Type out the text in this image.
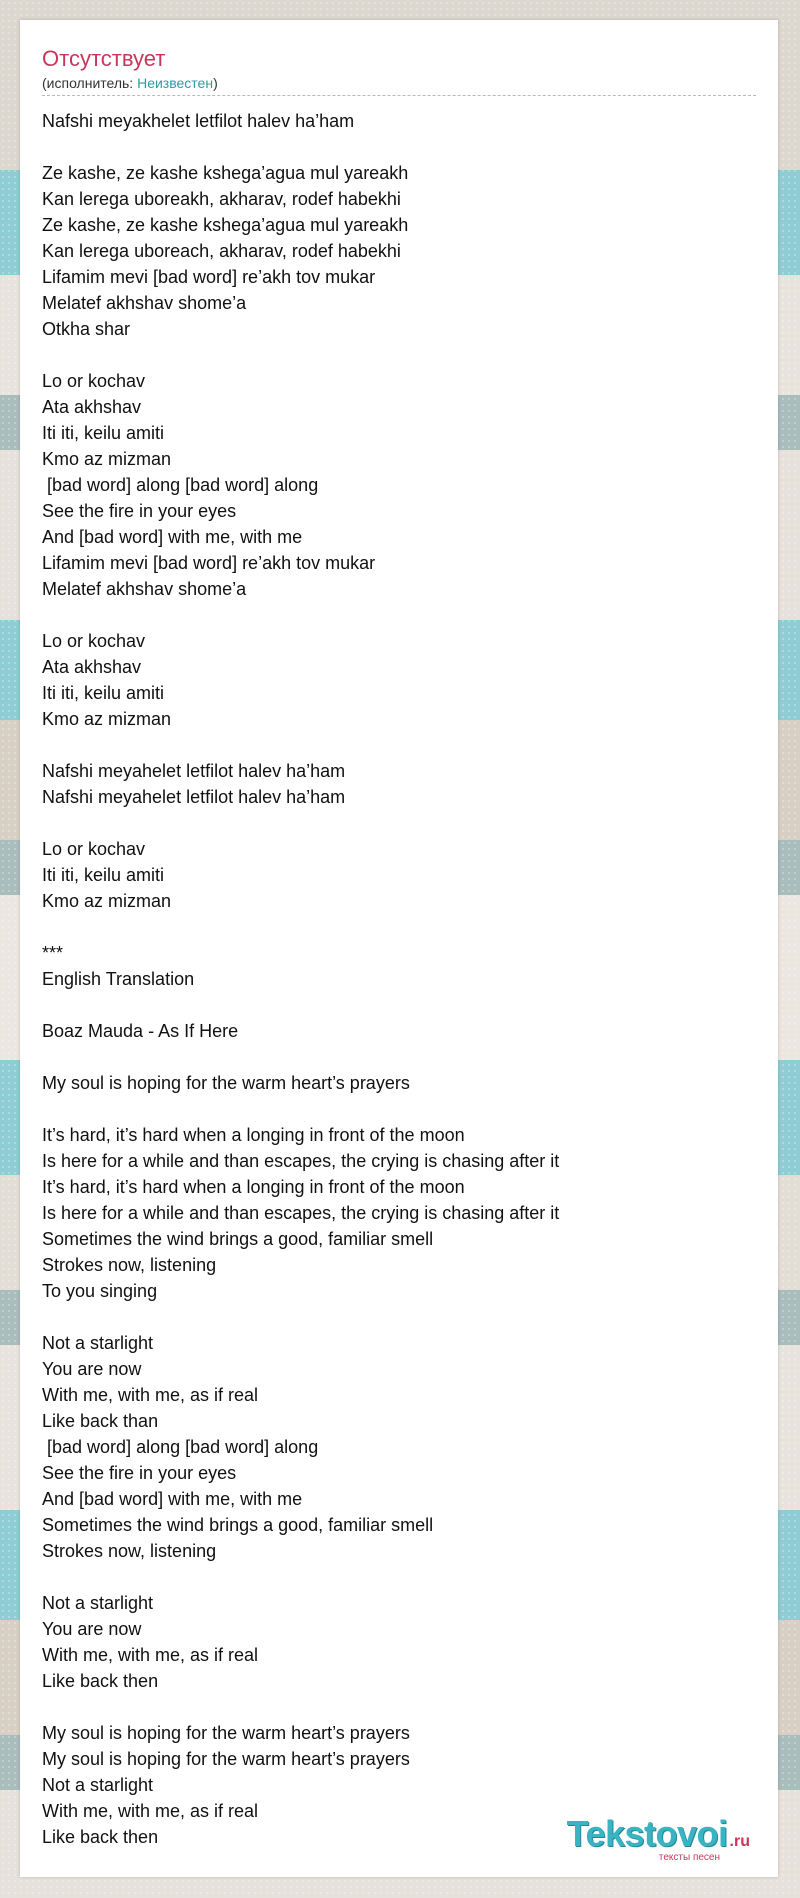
Отсутствует
(исполнитель: Неизвестен)
Nafshi meyakhelet letfilot halev ha’ham
Ze kashe, ze kashe kshega’agua mul yareakh
Kan lerega uboreakh, akharav, rodef habekhi
Ze kashe, ze kashe kshega’agua mul yareakh
Kan lerega uboreach, akharav, rodef habekhi
Lifamim mevi [bad word] re’akh tov mukar
Melatef akhshav shome’a
Otkha shar
Lo or kochav
Ata akhshav
Iti iti, keilu amiti
Kmo az mizman
[bad word] along [bad word] along
See the fire in your eyes
And [bad word] with me, with me
Lifamim mevi [bad word] re’akh tov mukar
Melatef akhshav shome’a
Lo or kochav
Ata akhshav
Iti iti, keilu amiti
Kmo az mizman
Nafshi meyahelet letfilot halev ha’ham
Nafshi meyahelet letfilot halev ha’ham
Lo or kochav
Iti iti, keilu amiti
Kmo az mizman
***
English Translation
Boaz Mauda - As If Here
My soul is hoping for the warm heart’s prayers
It’s hard, it’s hard when a longing in front of the moon
Is here for a while and than escapes, the crying is chasing after it
It’s hard, it’s hard when a longing in front of the moon
Is here for a while and than escapes, the crying is chasing after it
Sometimes the wind brings a good, familiar smell
Strokes now, listening
To you singing
Not a starlight
You are now
With me, with me, as if real
Like back than
[bad word] along [bad word] along
See the fire in your eyes
And [bad word] with me, with me
Sometimes the wind brings a good, familiar smell
Strokes now, listening
Not a starlight
You are now
With me, with me, as if real
Like back then
My soul is hoping for the warm heart’s prayers
My soul is hoping for the warm heart’s prayers
Not a starlight
With me, with me, as if real
Like back then	Tekstovoi .ru
тексты песен
